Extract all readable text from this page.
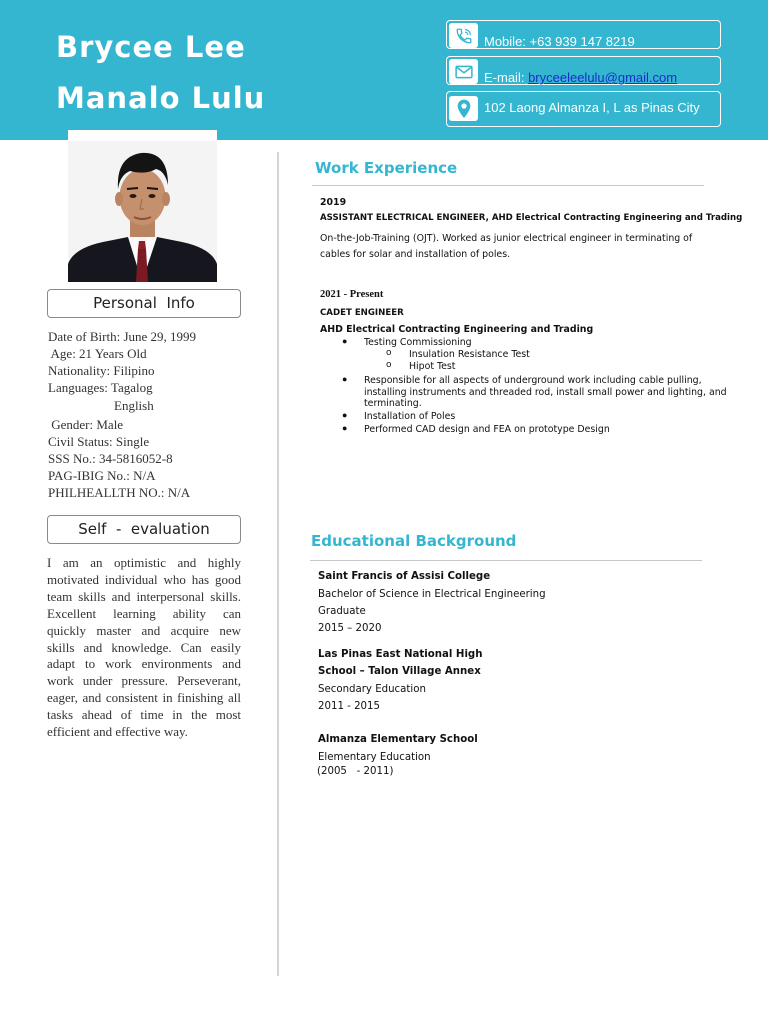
Brycee Lee
Manalo Lulu
Mobile: +63 939 147 8219
E-mail: bryceeleelulu@gmail.com
102 Laong Almanza I, L as Pinas City
Personal  Info
Date of Birth: June 29, 1999
Age: 21 Years Old
Nationality: Filipino
Languages: Tagalog
English
Gender: Male
Civil Status: Single
SSS No.: 34-5816052-8
PAG-IBIG No.: N/A
PHILHEALLTH NO.: N/A
Self  -  evaluation
I am an optimistic and highly motivated individual who has good team skills and interpersonal skills. Excellent learning ability can quickly master and acquire new skills and knowledge. Can easily adapt to work environments and work under pressure. Perseverant, eager, and consistent in finishing all tasks ahead of time in the most efficient and effective way.
Work Experience
2019
ASSISTANT ELECTRICAL ENGINEER, AHD Electrical Contracting Engineering and Trading
On-the-Job-Training (OJT). Worked as junior electrical engineer in terminating of
cables for solar and installation of poles.
2021 - Present
CADET ENGINEER
AHD Electrical Contracting Engineering and Trading
● Testing Commissioning
o Insulation Resistance Test
o Hipot Test
● Responsible for all aspects of underground work including cable pulling,
installing instruments and threaded rod, install small power and lighting, and
terminating.
● Installation of Poles
● Performed CAD design and FEA on prototype Design
Educational Background
Saint Francis of Assisi College
Bachelor of Science in Electrical Engineering
Graduate
2015 – 2020
Las Pinas East National High
School – Talon Village Annex
Secondary Education
2011 - 2015
Almanza Elementary School
Elementary Education
(2005   - 2011)
